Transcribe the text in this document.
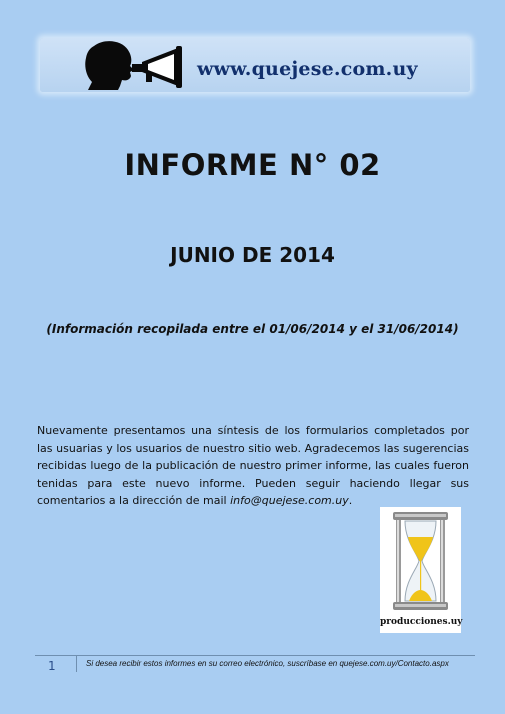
www.quejese.com.uy
INFORME N° 02
JUNIO DE 2014
(Información recopilada entre el 01/06/2014 y el 31/06/2014)
Nuevamente presentamos una síntesis de los formularios completados por las usuarias y los usuarios de nuestro sitio web. Agradecemos las sugerencias recibidas luego de la publicación de nuestro primer informe, las cuales fueron tenidas para este nuevo informe. Pueden seguir haciendo llegar sus comentarios a la dirección de mail info@quejese.com.uy.
producciones.uy
1	Si desea recibir estos informes en su correo electrónico, suscríbase en quejese.com.uy/Contacto.aspx
